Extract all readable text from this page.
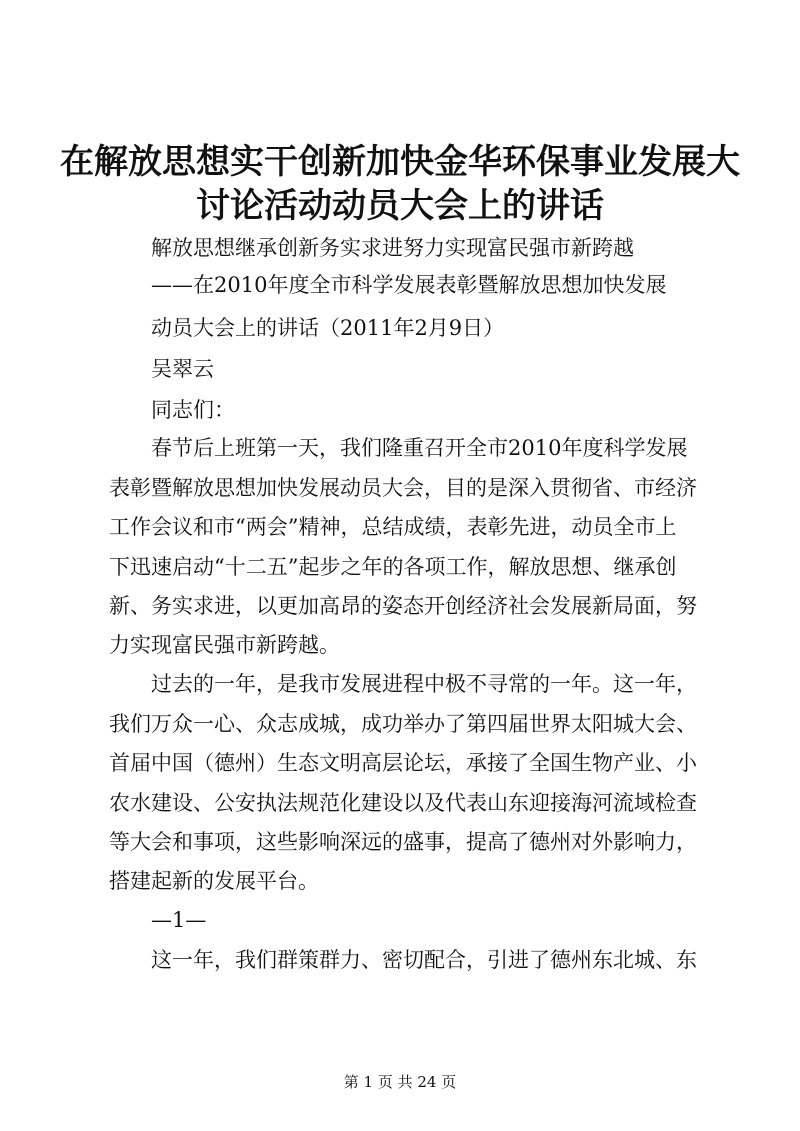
在解放思想实干创新加快金华环保事业发展大
讨论活动动员大会上的讲话

解放思想继承创新务实求进努力实现富民强市新跨越

——在2010年度全市科学发展表彰暨解放思想加快发展

动员大会上的讲话（2011年2月9日）

吴翠云

同志们：

春节后上班第一天，我们隆重召开全市2010年度科学发展

表彰暨解放思想加快发展动员大会，目的是深入贯彻省、市经济

工作会议和市“两会”精神，总结成绩，表彰先进，动员全市上

下迅速启动“十二五”起步之年的各项工作，解放思想、继承创

新、务实求进，以更加高昂的姿态开创经济社会发展新局面，努

力实现富民强市新跨越。

过去的一年，是我市发展进程中极不寻常的一年。这一年，

我们万众一心、众志成城，成功举办了第四届世界太阳城大会、

首届中国（德州）生态文明高层论坛，承接了全国生物产业、小

农水建设、公安执法规范化建设以及代表山东迎接海河流域检查

等大会和事项，这些影响深远的盛事，提高了德州对外影响力，

搭建起新的发展平台。

—1—

这一年，我们群策群力、密切配合，引进了德州东北城、东

第 1 页 共 24 页
